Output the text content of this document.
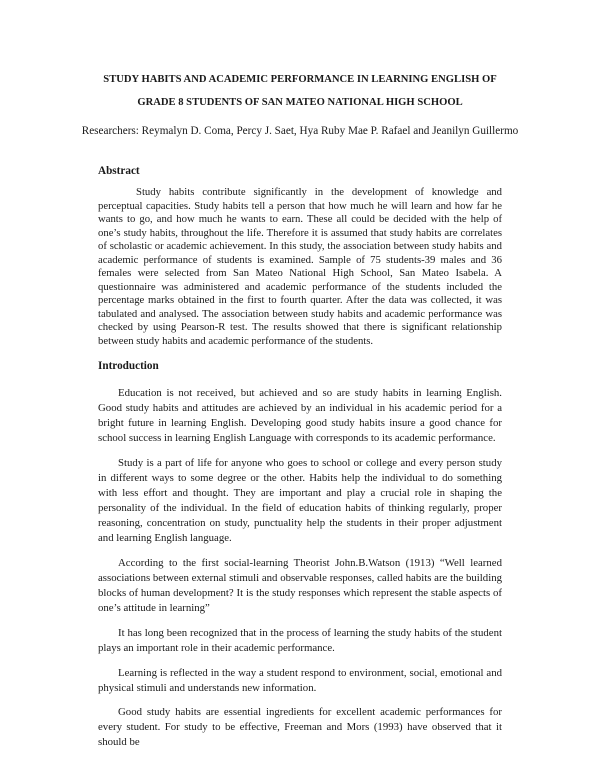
STUDY HABITS AND ACADEMIC PERFORMANCE IN LEARNING ENGLISH OF
GRADE 8 STUDENTS OF SAN MATEO NATIONAL HIGH SCHOOL

Researchers: Reymalyn D. Coma, Percy J. Saet, Hya Ruby Mae P. Rafael and Jeanilyn Guillermo

Abstract

Study habits contribute significantly in the development of knowledge and perceptual capacities. Study habits tell a person that how much he will learn and how far he wants to go, and how much he wants to earn. These all could be decided with the help of one’s study habits, throughout the life. Therefore it is assumed that study habits are correlates of scholastic or academic achievement. In this study, the association between study habits and academic performance of students is examined. Sample of 75 students-39 males and 36 females were selected from San Mateo National High School, San Mateo Isabela. A questionnaire was administered and academic performance of the students included the percentage marks obtained in the first to fourth quarter. After the data was collected, it was tabulated and analysed. The association between study habits and academic performance was checked by using Pearson-R test. The results showed that there is significant relationship between study habits and academic performance of the students.

Introduction

Education is not received, but achieved and so are study habits in learning English. Good study habits and attitudes are achieved by an individual in his academic period for a bright future in learning English. Developing good study habits insure a good chance for school success in learning English Language with corresponds to its academic performance.

Study is a part of life for anyone who goes to school or college and every person study in different ways to some degree or the other. Habits help the individual to do something with less effort and thought. They are important and play a crucial role in shaping the personality of the individual. In the field of education habits of thinking regularly, proper reasoning, concentration on study, punctuality help the students in their proper adjustment and learning English language.

According to the first social-learning Theorist John.B.Watson (1913) “Well learned associations between external stimuli and observable responses, called habits are the building blocks of human development? It is the study responses which represent the stable aspects of one’s attitude in learning”

It has long been recognized that in the process of learning the study habits of the student plays an important role in their academic performance.

Learning is reflected in the way a student respond to environment, social, emotional and physical stimuli and understands new information.

Good study habits are essential ingredients for excellent academic performances for every student. For study to be effective, Freeman and Mors (1993) have observed that it should be
